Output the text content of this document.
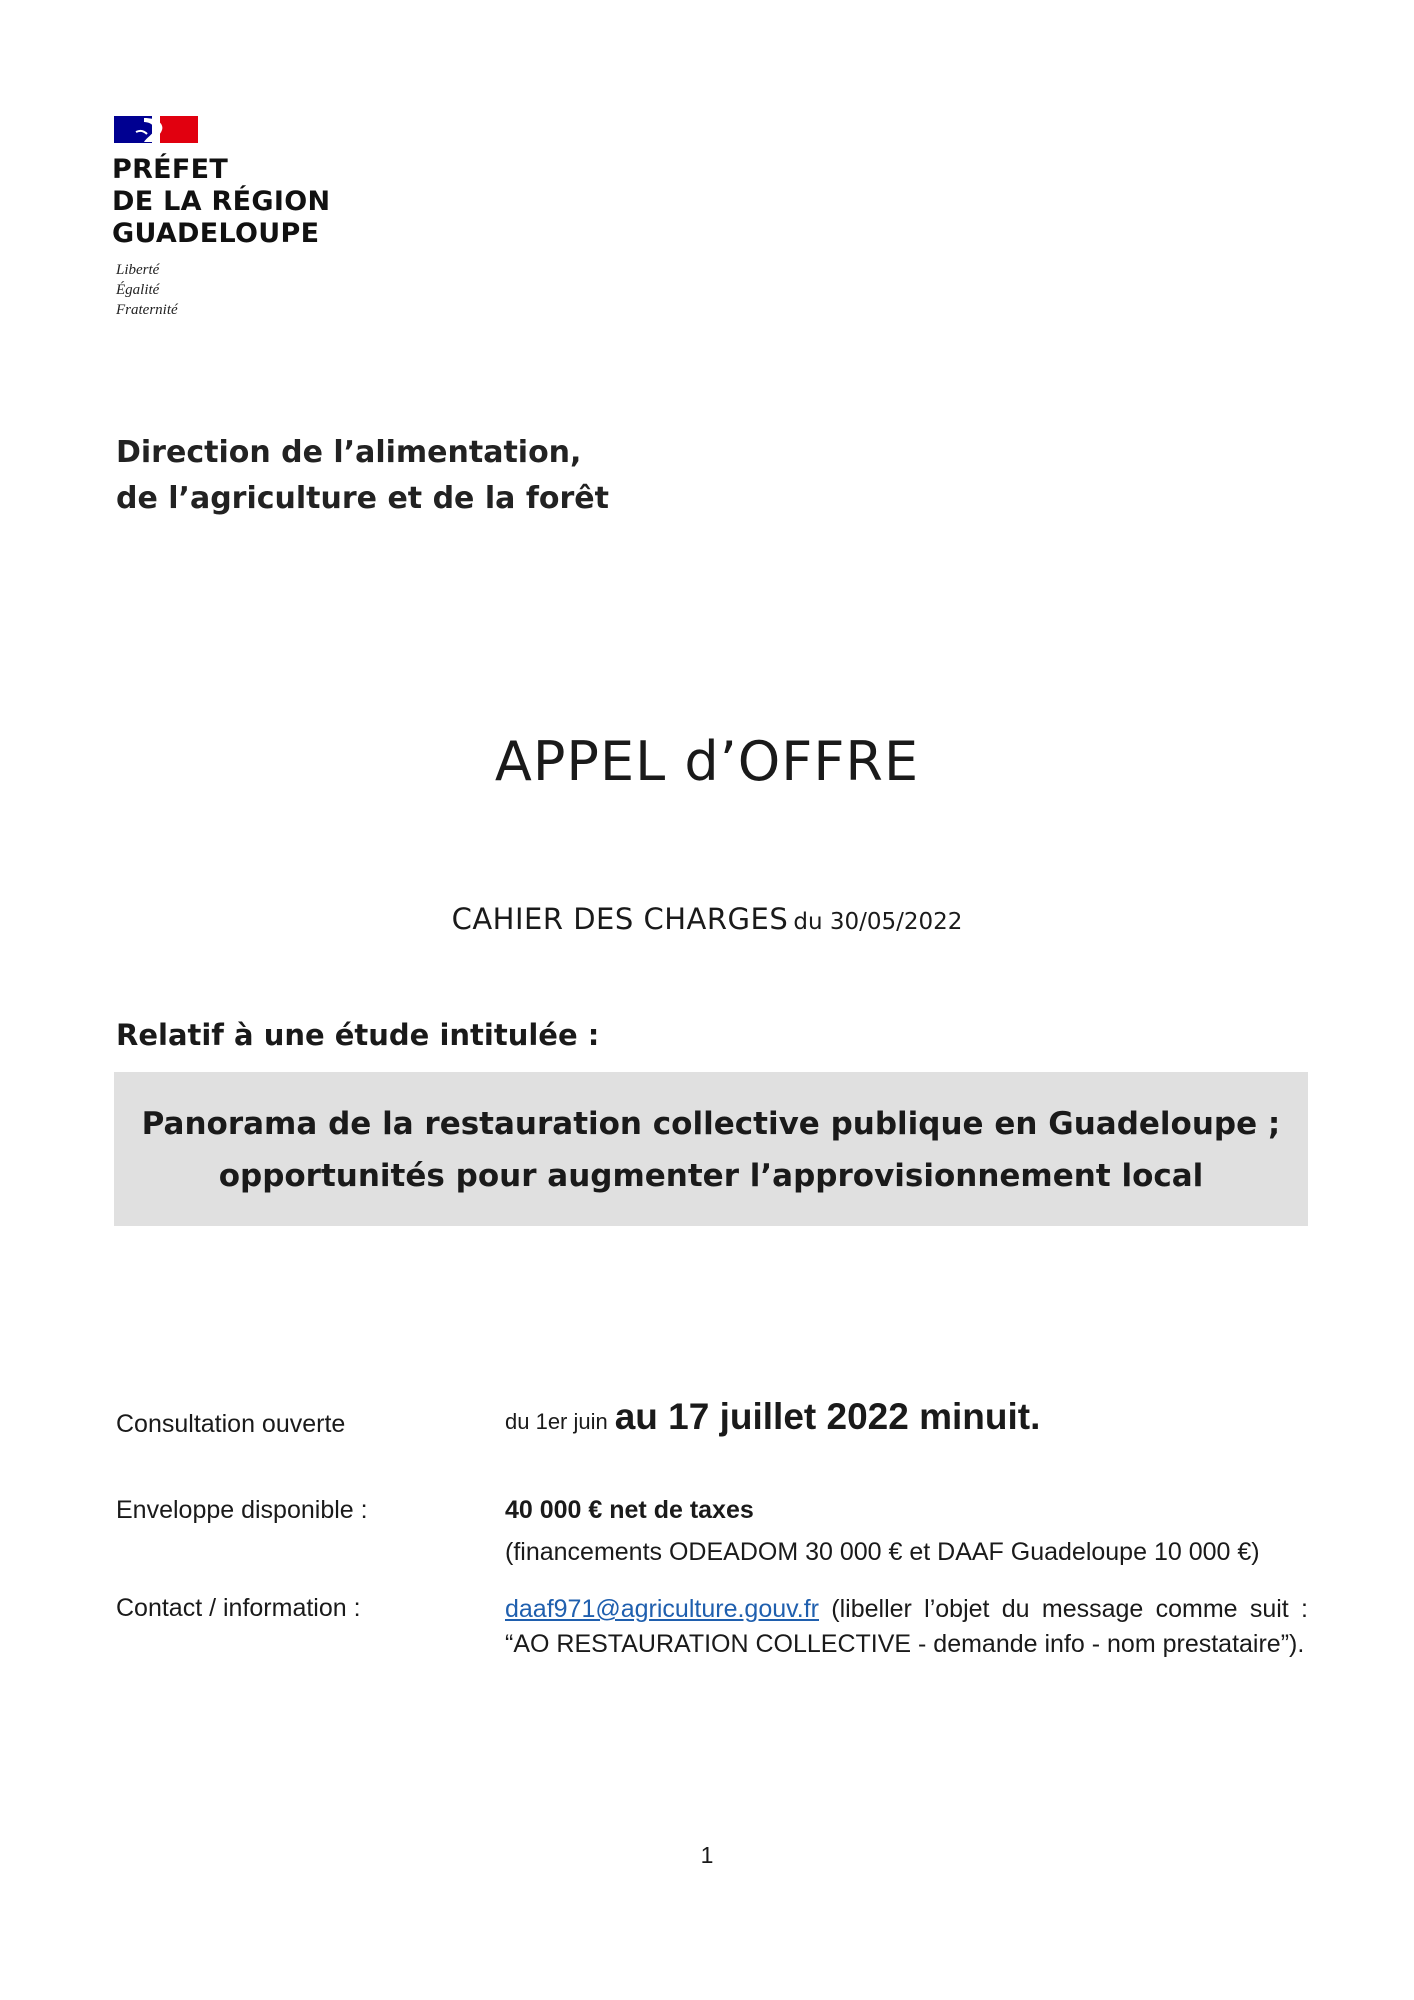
PRÉFET
DE LA RÉGION
GUADELOUPE
Liberté
Égalité
Fraternité
Direction de l’alimentation,
de l’agriculture et de la forêt
APPEL d’OFFRE
CAHIER DES CHARGES du 30/05/2022
Relatif à une étude intitulée :
Panorama de la restauration collective publique en Guadeloupe ;
opportunités pour augmenter l’approvisionnement local
Consultation ouverte	du 1er juin au 17 juillet 2022 minuit.
Enveloppe disponible :	40 000 € net de taxes
(financements ODEADOM 30 000 € et DAAF Guadeloupe 10 000 €)
Contact / information :	daaf971@agriculture.gouv.fr (libeller l’objet du message comme suit : “AO RESTAURATION COLLECTIVE - demande info - nom prestataire”).
1
